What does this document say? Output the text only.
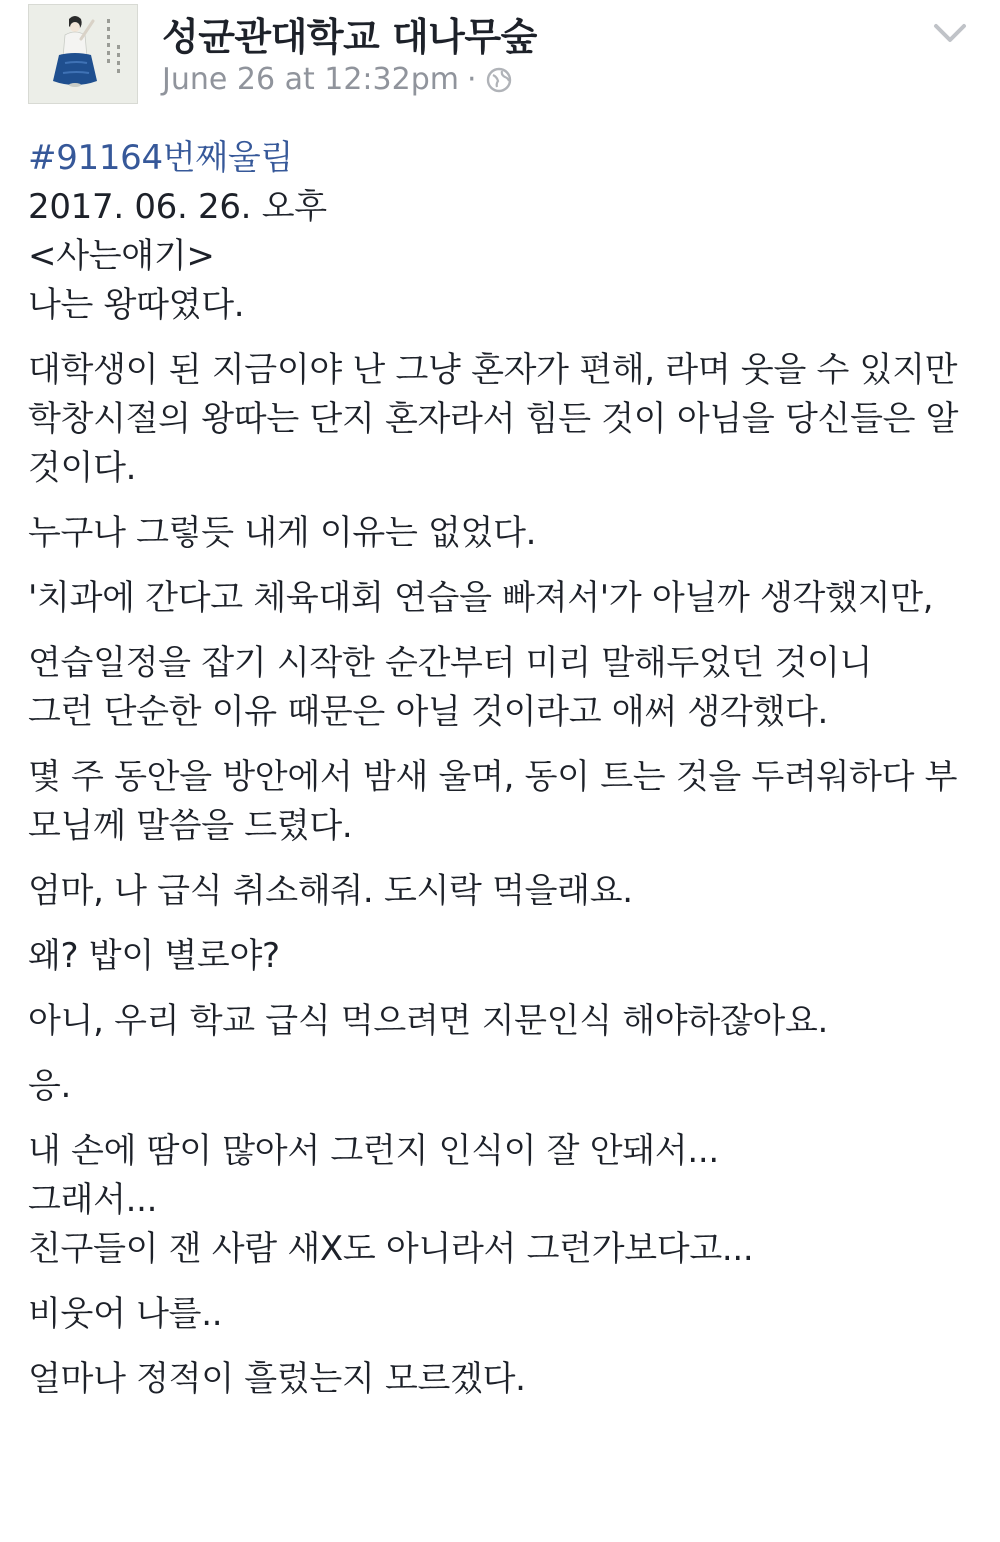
성균관대학교 대나무숲
June 26 at 12:32pm ·
#91164번째울림
2017. 06. 26. 오후
<사는얘기>

나는 왕따였다.

대학생이 된 지금이야 난 그냥 혼자가 편해, 라며 웃을 수 있지만
학창시절의 왕따는 단지 혼자라서 힘든 것이 아님을 당신들은 알 것이다.

누구나 그렇듯 내게 이유는 없었다.

'치과에 간다고 체육대회 연습을 빠져서'가 아닐까 생각했지만,

연습일정을 잡기 시작한 순간부터 미리 말해두었던 것이니
그런 단순한 이유 때문은 아닐 것이라고 애써 생각했다.

몇 주 동안을 방안에서 밤새 울며, 동이 트는 것을 두려워하다 부모님께 말씀을 드렸다.

엄마, 나 급식 취소해줘. 도시락 먹을래요.

왜? 밥이 별로야?

아니, 우리 학교 급식 먹으려면 지문인식 해야하잖아요.

응.

내 손에 땀이 많아서 그런지 인식이 잘 안돼서...
그래서...
친구들이 잰 사람 새X도 아니라서 그런가보다고...

비웃어 나를..

얼마나 정적이 흘렀는지 모르겠다.
